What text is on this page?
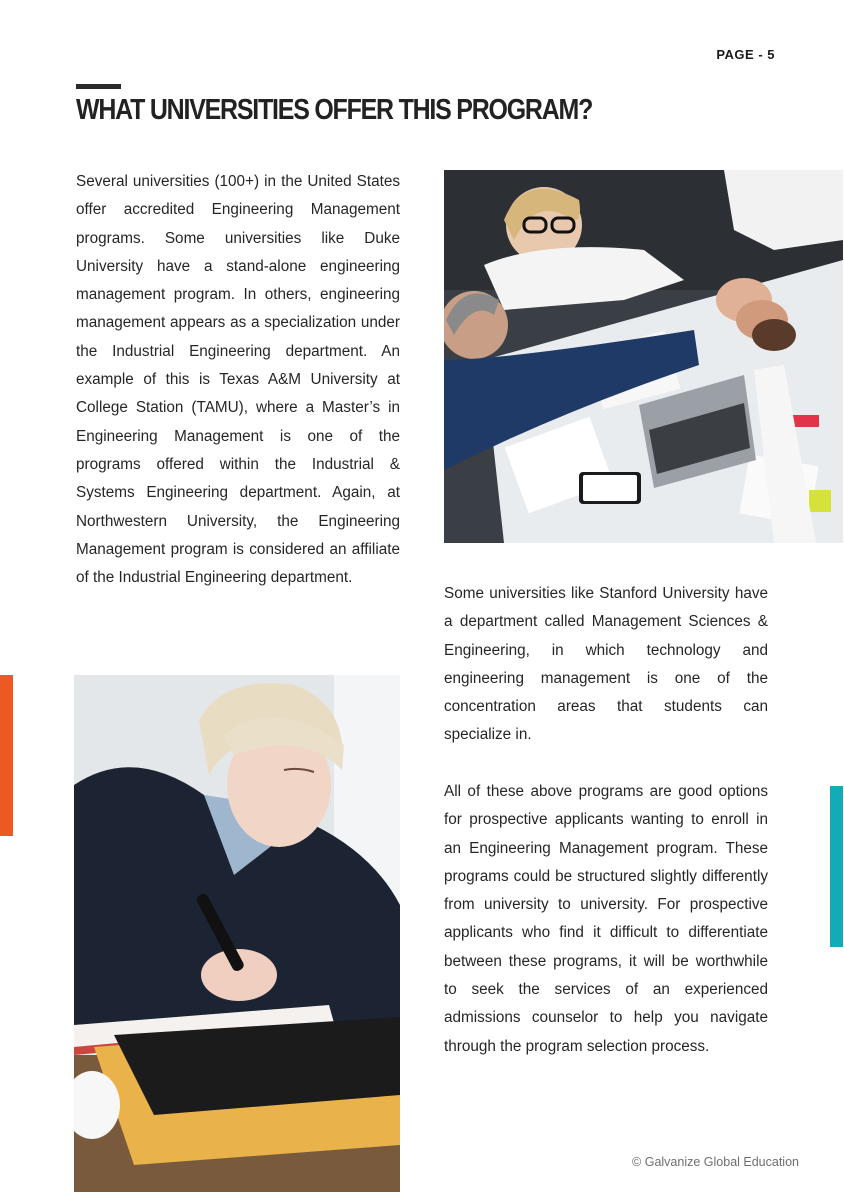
PAGE - 5
WHAT UNIVERSITIES OFFER THIS PROGRAM?

Several universities (100+) in the United States offer accredited Engineering Management programs. Some universities like Duke University have a stand-alone engineering management program. In others, engineering management appears as a specialization under the Industrial Engineering department. An example of this is Texas A&M University at College Station (TAMU), where a Master’s in Engineering Management is one of the programs offered within the Industrial & Systems Engineering department. Again, at Northwestern University, the Engineering Management program is considered an affiliate of the Industrial Engineering department.

Some universities like Stanford University have a department called Management Sciences & Engineering, in which technology and engineering management is one of the concentration areas that students can specialize in.

All of these above programs are good options for prospective applicants wanting to enroll in an Engineering Management program. These programs could be structured slightly differently from university to university. For prospective applicants who find it difficult to differentiate between these programs, it will be worthwhile to seek the services of an experienced admissions counselor to help you navigate through the program selection process.

© Galvanize Global Education
